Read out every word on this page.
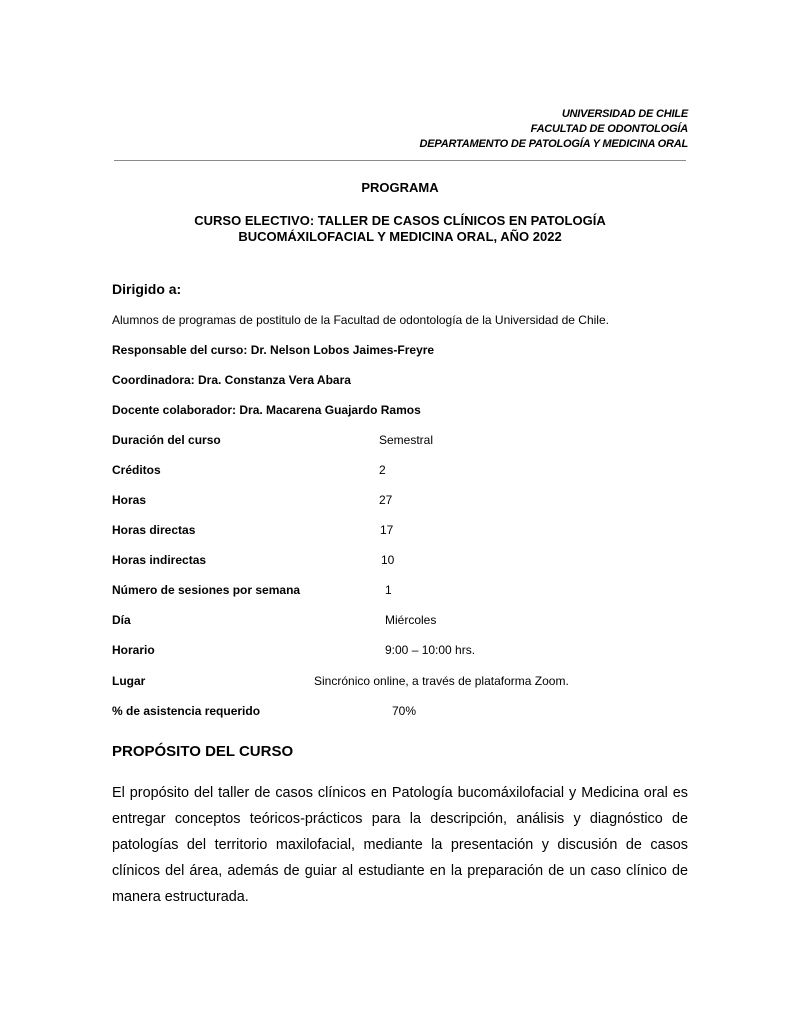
UNIVERSIDAD DE CHILE
FACULTAD DE ODONTOLOGÍA
DEPARTAMENTO DE PATOLOGÍA Y MEDICINA ORAL
PROGRAMA
CURSO ELECTIVO: TALLER DE CASOS CLÍNICOS EN PATOLOGÍA
BUCOMÁXILOFACIAL Y MEDICINA ORAL, AÑO 2022
Dirigido a:
Alumnos de programas de postitulo de la Facultad de odontología de la Universidad de Chile.
Responsable del curso: Dr. Nelson Lobos Jaimes-Freyre
Coordinadora: Dra. Constanza Vera Abara
Docente colaborador: Dra. Macarena Guajardo Ramos
Duración del curso	Semestral
Créditos	2
Horas	27
Horas directas	17
Horas indirectas	10
Número de sesiones por semana	1
Día	Miércoles
Horario	9:00 – 10:00 hrs.
Lugar	Sincrónico online, a través de plataforma Zoom.
% de asistencia requerido	70%
PROPÓSITO DEL CURSO
El propósito del taller de casos clínicos en Patología bucomáxilofacial y Medicina oral es entregar conceptos teóricos-prácticos para la descripción, análisis y diagnóstico de patologías del territorio maxilofacial, mediante la presentación y discusión de casos clínicos del área, además de guiar al estudiante en la preparación de un caso clínico de manera estructurada.
